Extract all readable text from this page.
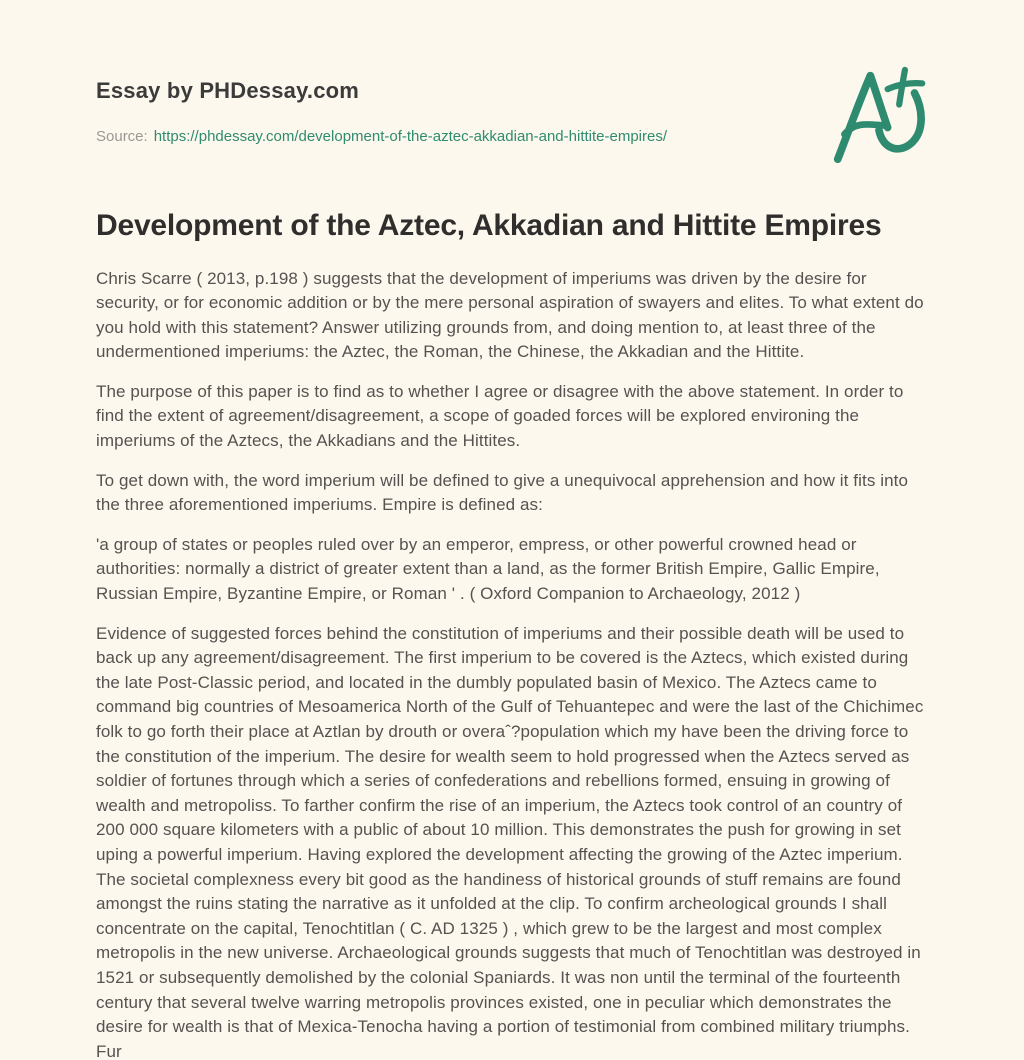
Essay by PHDessay.com
Source: https://phdessay.com/development-of-the-aztec-akkadian-and-hittite-empires/
Development of the Aztec, Akkadian and Hittite Empires

Chris Scarre ( 2013, p.198 ) suggests that the development of imperiums was driven by the desire for security, or for economic addition or by the mere personal aspiration of swayers and elites. To what extent do you hold with this statement? Answer utilizing grounds from, and doing mention to, at least three of the undermentioned imperiums: the Aztec, the Roman, the Chinese, the Akkadian and the Hittite.

The purpose of this paper is to find as to whether I agree or disagree with the above statement. In order to find the extent of agreement/disagreement, a scope of goaded forces will be explored environing the imperiums of the Aztecs, the Akkadians and the Hittites.

To get down with, the word imperium will be defined to give a unequivocal apprehension and how it fits into the three aforementioned imperiums. Empire is defined as:

'a group of states or peoples ruled over by an emperor, empress, or other powerful crowned head or authorities: normally a district of greater extent than a land, as the former British Empire, Gallic Empire, Russian Empire, Byzantine Empire, or Roman ' . ( Oxford Companion to Archaeology, 2012 )

Evidence of suggested forces behind the constitution of imperiums and their possible death will be used to back up any agreement/disagreement. The first imperium to be covered is the Aztecs, which existed during the late Post-Classic period, and located in the dumbly populated basin of Mexico. The Aztecs came to command big countries of Mesoamerica North of the Gulf of Tehuantepec and were the last of the Chichimec folk to go forth their place at Aztlan by drouth or overaˆ?population which my have been the driving force to the constitution of the imperium. The desire for wealth seem to hold progressed when the Aztecs served as soldier of fortunes through which a series of confederations and rebellions formed, ensuing in growing of wealth and metropoliss. To farther confirm the rise of an imperium, the Aztecs took control of an country of 200 000 square kilometers with a public of about 10 million. This demonstrates the push for growing in set uping a powerful imperium. Having explored the development affecting the growing of the Aztec imperium. The societal complexness every bit good as the handiness of historical grounds of stuff remains are found amongst the ruins stating the narrative as it unfolded at the clip. To confirm archeological grounds I shall concentrate on the capital, Tenochtitlan ( C. AD 1325 ) , which grew to be the largest and most complex metropolis in the new universe. Archaeological grounds suggests that much of Tenochtitlan was destroyed in 1521 or subsequently demolished by the colonial Spaniards. It was non until the terminal of the fourteenth century that several twelve warring metropolis provinces existed, one in peculiar which demonstrates the desire for wealth is that of Mexica-Tenocha having a portion of testimonial from combined military triumphs. Fur
